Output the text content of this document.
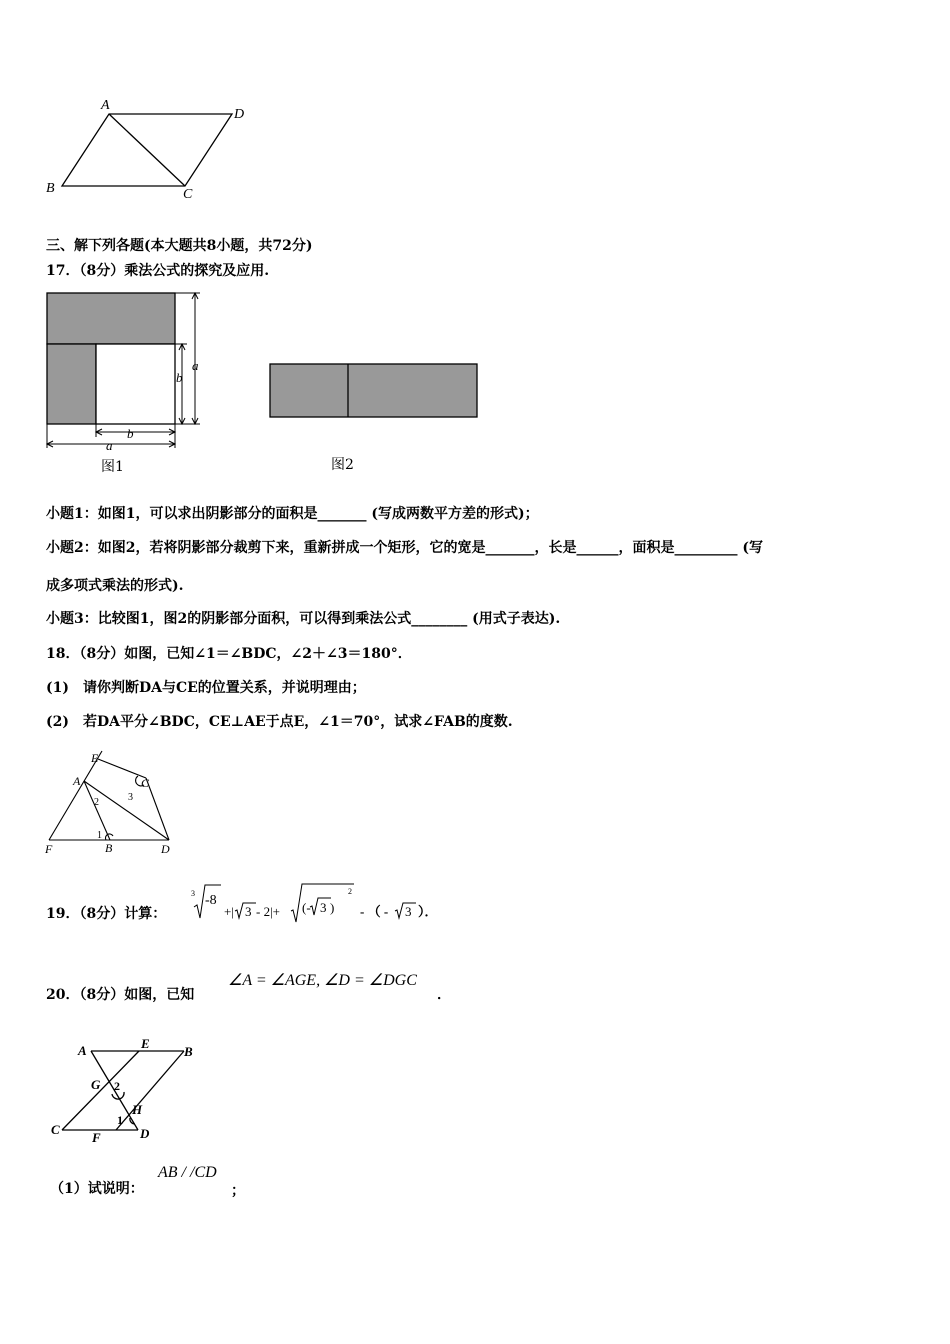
A
D
B	C
三、解下列各题(本大题共8小题，共72分)
17．（8分）乘法公式的探究及应用.
a
b
a
b
图1	图2
小题1：如图1，可以求出阴影部分的面积是_______ (写成两数平方差的形式)；
小题2：如图2，若将阴影部分裁剪下来，重新拼成一个矩形，它的宽是_______，长是______，面积是_________ (写
成多项式乘法的形式).
小题3：比较图1，图2的阴影部分面积，可以得到乘法公式________ (用式子表达).
18．（8分）如图，已知∠1＝∠BDC，∠2＋∠3＝180°．
(1)　请你判断DA与CE的位置关系，并说明理由；
(2)　若DA平分∠BDC，CE⊥AE于点E，∠1＝70°，试求∠FAB的度数.
E
A	C
3
2
1
F	B	D
19．（8分）计算：
3 -8
+| 3 - 2|+ (- 3 )
2
- （ - 3 ）．
20．（8分）如图，已知
∠A = ∠AGE, ∠D = ∠DGC
．
A	E
B
G 2
H
1
C
F	D
（1）试说明：
AB / /CD
；
